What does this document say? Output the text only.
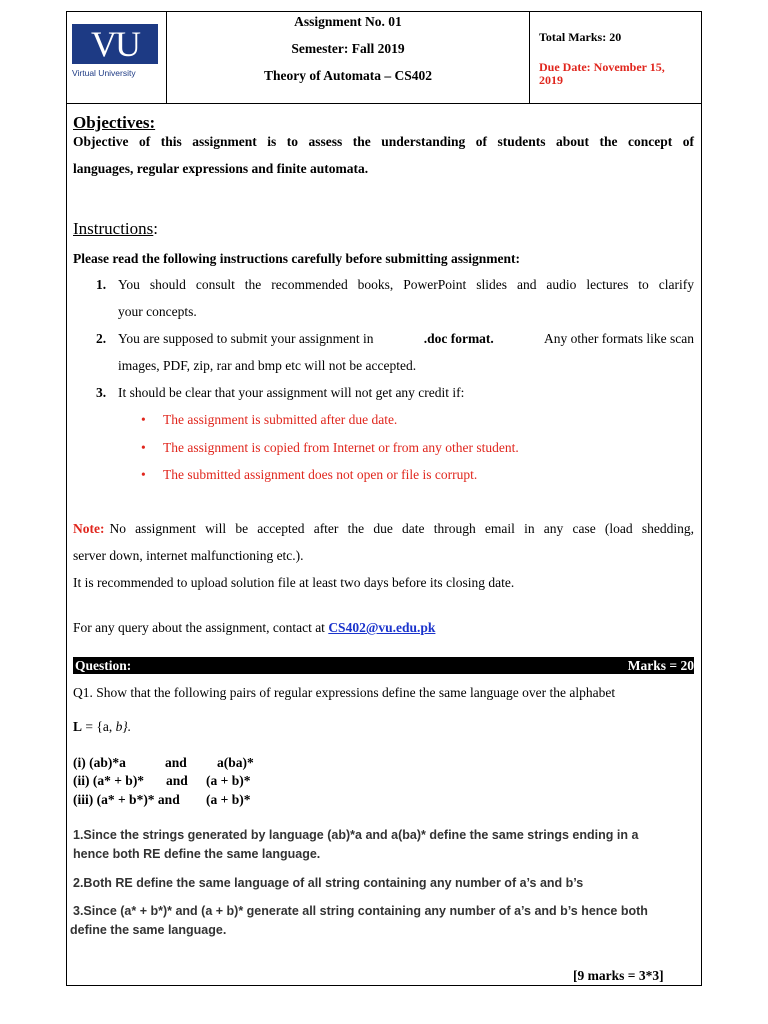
VU
Virtual University
Assignment No. 01
Semester: Fall 2019
Theory of Automata – CS402
Total Marks: 20
Due Date: November 15,
2019
Objectives:
Objective of this assignment is to assess the understanding of students about the concept of
languages, regular expressions and finite automata.
Instructions:
Please read the following instructions carefully before submitting assignment:
1. You should consult the recommended books, PowerPoint slides and audio lectures to clarify
your concepts.
2. You are supposed to submit your assignment in	.doc format.	Any other formats like scan
images, PDF, zip, rar and bmp etc will not be accepted.
3. It should be clear that your assignment will not get any credit if:
• The assignment is submitted after due date.
• The assignment is copied from Internet or from any other student.
• The submitted assignment does not open or file is corrupt.
Note: No assignment will be accepted after the due date through email in any case (load shedding,
server down, internet malfunctioning etc.).
It is recommended to upload solution file at least two days before its closing date.
For any query about the assignment, contact at CS402@vu.edu.pk
Question:	Marks = 20
Q1. Show that the following pairs of regular expressions define the same language over the alphabet
L = {a, b}.
(i) (ab)*a	and a(ba)*
(ii) (a* + b)* and (a + b)*
(iii) (a* + b*)* and (a + b)*
1.Since the strings generated by language (ab)*a and a(ba)* define the same strings ending in a
hence both RE define the same language.
2.Both RE define the same language of all string containing any number of a’s and b’s
3.Since (a* + b*)* and (a + b)* generate all string containing any number of a’s and b’s hence both
define the same language.
[9 marks = 3*3]
